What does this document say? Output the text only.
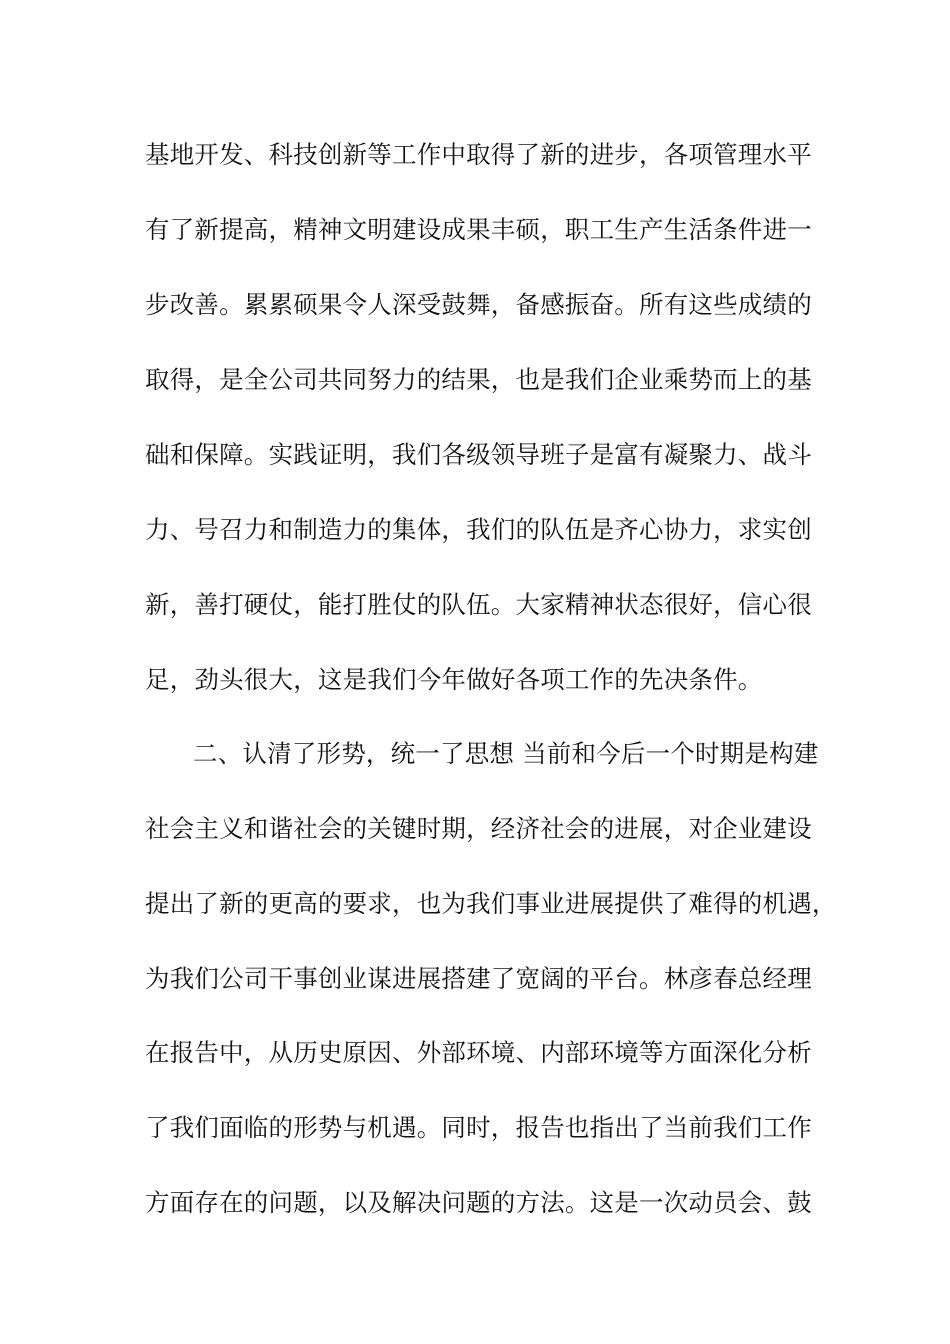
基地开发、科技创新等工作中取得了新的进步，各项管理水平
有了新提高，精神文明建设成果丰硕，职工生产生活条件进一
步改善。累累硕果令人深受鼓舞，备感振奋。所有这些成绩的
取得，是全公司共同努力的结果，也是我们企业乘势而上的基
础和保障。实践证明，我们各级领导班子是富有凝聚力、战斗
力、号召力和制造力的集体，我们的队伍是齐心协力，求实创
新，善打硬仗，能打胜仗的队伍。大家精神状态很好，信心很
足，劲头很大，这是我们今年做好各项工作的先决条件。
二、认清了形势，统一了思想 当前和今后一个时期是构建
社会主义和谐社会的关键时期，经济社会的进展，对企业建设
提出了新的更高的要求，也为我们事业进展提供了难得的机遇，
为我们公司干事创业谋进展搭建了宽阔的平台。林彦春总经理
在报告中，从历史原因、外部环境、内部环境等方面深化分析
了我们面临的形势与机遇。同时，报告也指出了当前我们工作
方面存在的问题，以及解决问题的方法。这是一次动员会、鼓
